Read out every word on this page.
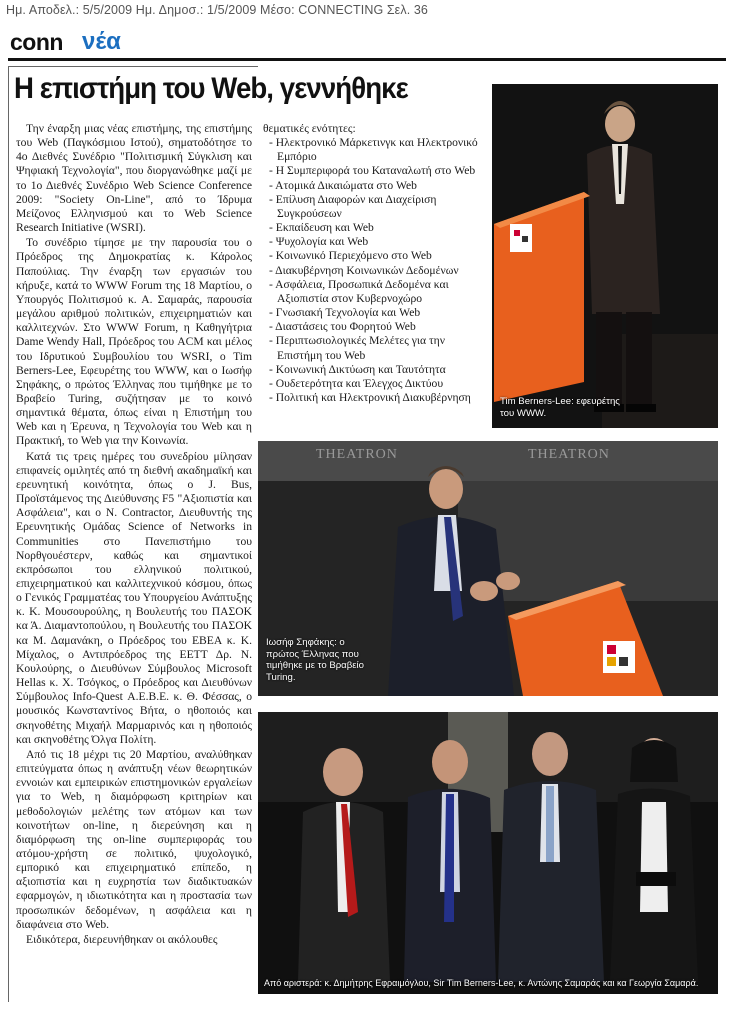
Ημ. Αποδελ.: 5/5/2009 Ημ. Δημοσ.: 1/5/2009 Μέσο: CONNECTING Σελ. 36
conn νέα
Η επιστήμη του Web, γεννήθηκε

Την έναρξη μιας νέας επιστήμης, της επιστήμης του Web (Παγκόσμιου Ιστού), σηματοδότησε το 4ο Διεθνές Συνέδριο "Πολιτισμική Σύγκλιση και Ψηφιακή Τεχνολογία", που διοργανώθηκε μαζί με το 1ο Διεθνές Συνέδριο Web Science Conference 2009: "Society On-Line", από το Ίδρυμα Μείζονος Ελληνισμού και το Web Science Research Initiative (WSRI).

Το συνέδριο τίμησε με την παρουσία του ο Πρόεδρος της Δημοκρατίας κ. Κάρολος Παπούλιας. Την έναρξη των εργασιών του κήρυξε, κατά το WWW Forum της 18 Μαρτίου, ο Υπουργός Πολιτισμού κ. Α. Σαμαράς, παρουσία μεγάλου αριθμού πολιτικών, επιχειρηματιών και καλλιτεχνών. Στο WWW Forum, η Καθηγήτρια Dame Wendy Hall, Πρόεδρος του ACM και μέλος του Ιδρυτικού Συμβουλίου του WSRI, ο Tim Berners-Lee, Εφευρέτης του WWW, και ο Ιωσήφ Σηφάκης, ο πρώτος Έλληνας που τιμήθηκε με το Βραβείο Turing, συζήτησαν με το κοινό σημαντικά θέματα, όπως είναι η Επιστήμη του Web και η Έρευνα, η Τεχνολογία του Web και η Πρακτική, το Web για την Κοινωνία.

Κατά τις τρεις ημέρες του συνεδρίου μίλησαν επιφανείς ομιλητές από τη διεθνή ακαδημαϊκή και ερευνητική κοινότητα, όπως ο J. Bus, Προϊστάμενος της Διεύθυνσης F5 "Αξιοπιστία και Ασφάλεια", και ο N. Contractor, Διευθυντής της Ερευνητικής Ομάδας Science of Networks in Communities στο Πανεπιστήμιο του Νορθγουέστερν, καθώς και σημαντικοί εκπρόσωποι του ελληνικού πολιτικού, επιχειρηματικού και καλλιτεχνικού κόσμου, όπως ο Γενικός Γραμματέας του Υπουργείου Ανάπτυξης κ. Κ. Μουσουρούλης, η Βουλευτής του ΠΑΣΟΚ κα Ά. Διαμαντοπούλου, η Βουλευτής του ΠΑΣΟΚ κα Μ. Δαμανάκη, ο Πρόεδρος του ΕΒΕΑ κ. Κ. Μίχαλος, ο Αντιπρόεδρος της ΕΕΤΤ Δρ. Ν. Κουλούρης, ο Διευθύνων Σύμβουλος Microsoft Hellas κ. Χ. Τσόγκος, ο Πρόεδρος και Διευθύνων Σύμβουλος Info-Quest Α.Ε.Β.Ε. κ. Θ. Φέσσας, ο μουσικός Κωνσταντίνος Βήτα, ο ηθοποιός και σκηνοθέτης Μιχαήλ Μαρμαρινός και η ηθοποιός και σκηνοθέτης Όλγα Πολίτη.

Από τις 18 μέχρι τις 20 Μαρτίου, αναλύθηκαν επιτεύγματα όπως η ανάπτυξη νέων θεωρητικών εννοιών και εμπειρικών επιστημονικών εργαλείων για το Web, η διαμόρφωση κριτηρίων και μεθοδολογιών μελέτης των ατόμων και των κοινοτήτων on-line, η διερεύνηση και η διαμόρφωση της on-line συμπεριφοράς του ατόμου-χρήστη σε πολιτικό, ψυχολογικό, εμπορικό και επιχειρηματικό επίπεδο, η αξιοπιστία και η ευχρηστία των διαδικτυακών εφαρμογών, η ιδιωτικότητα και η προστασία των προσωπικών δεδομένων, η ασφάλεια και η διαφάνεια στο Web.

Ειδικότερα, διερευνήθηκαν οι ακόλουθες

θεματικές ενότητες:
- Ηλεκτρονικό Μάρκετινγκ και Ηλεκτρονικό Εμπόριο
- Η Συμπεριφορά του Καταναλωτή στο Web
- Ατομικά Δικαιώματα στο Web
- Επίλυση Διαφορών και Διαχείριση Συγκρούσεων
- Εκπαίδευση και Web
- Ψυχολογία και Web
- Κοινωνικό Περιεχόμενο στο Web
- Διακυβέρνηση Κοινωνικών Δεδομένων
- Ασφάλεια, Προσωπικά Δεδομένα και Αξιοπιστία στον Κυβερνοχώρο
- Γνωσιακή Τεχνολογία και Web
- Διαστάσεις του Φορητού Web
- Περιπτωσιολογικές Μελέτες για την Επιστήμη του Web
- Κοινωνική Δικτύωση και Ταυτότητα
- Ουδετερότητα και Έλεγχος Δικτύου
- Πολιτική και Ηλεκτρονική Διακυβέρνηση	Tim Berners-Lee: εφευρέτης του WWW.
THEATRON	THEATRON
Ιωσήφ Σηφάκης: ο πρώτος Έλληνας που τιμήθηκε με το Βραβείο Turing.
Από αριστερά: κ. Δημήτρης Εφραιμόγλου, Sir Tim Berners-Lee, κ. Αντώνης Σαμαράς και κα Γεωργία Σαμαρά.
